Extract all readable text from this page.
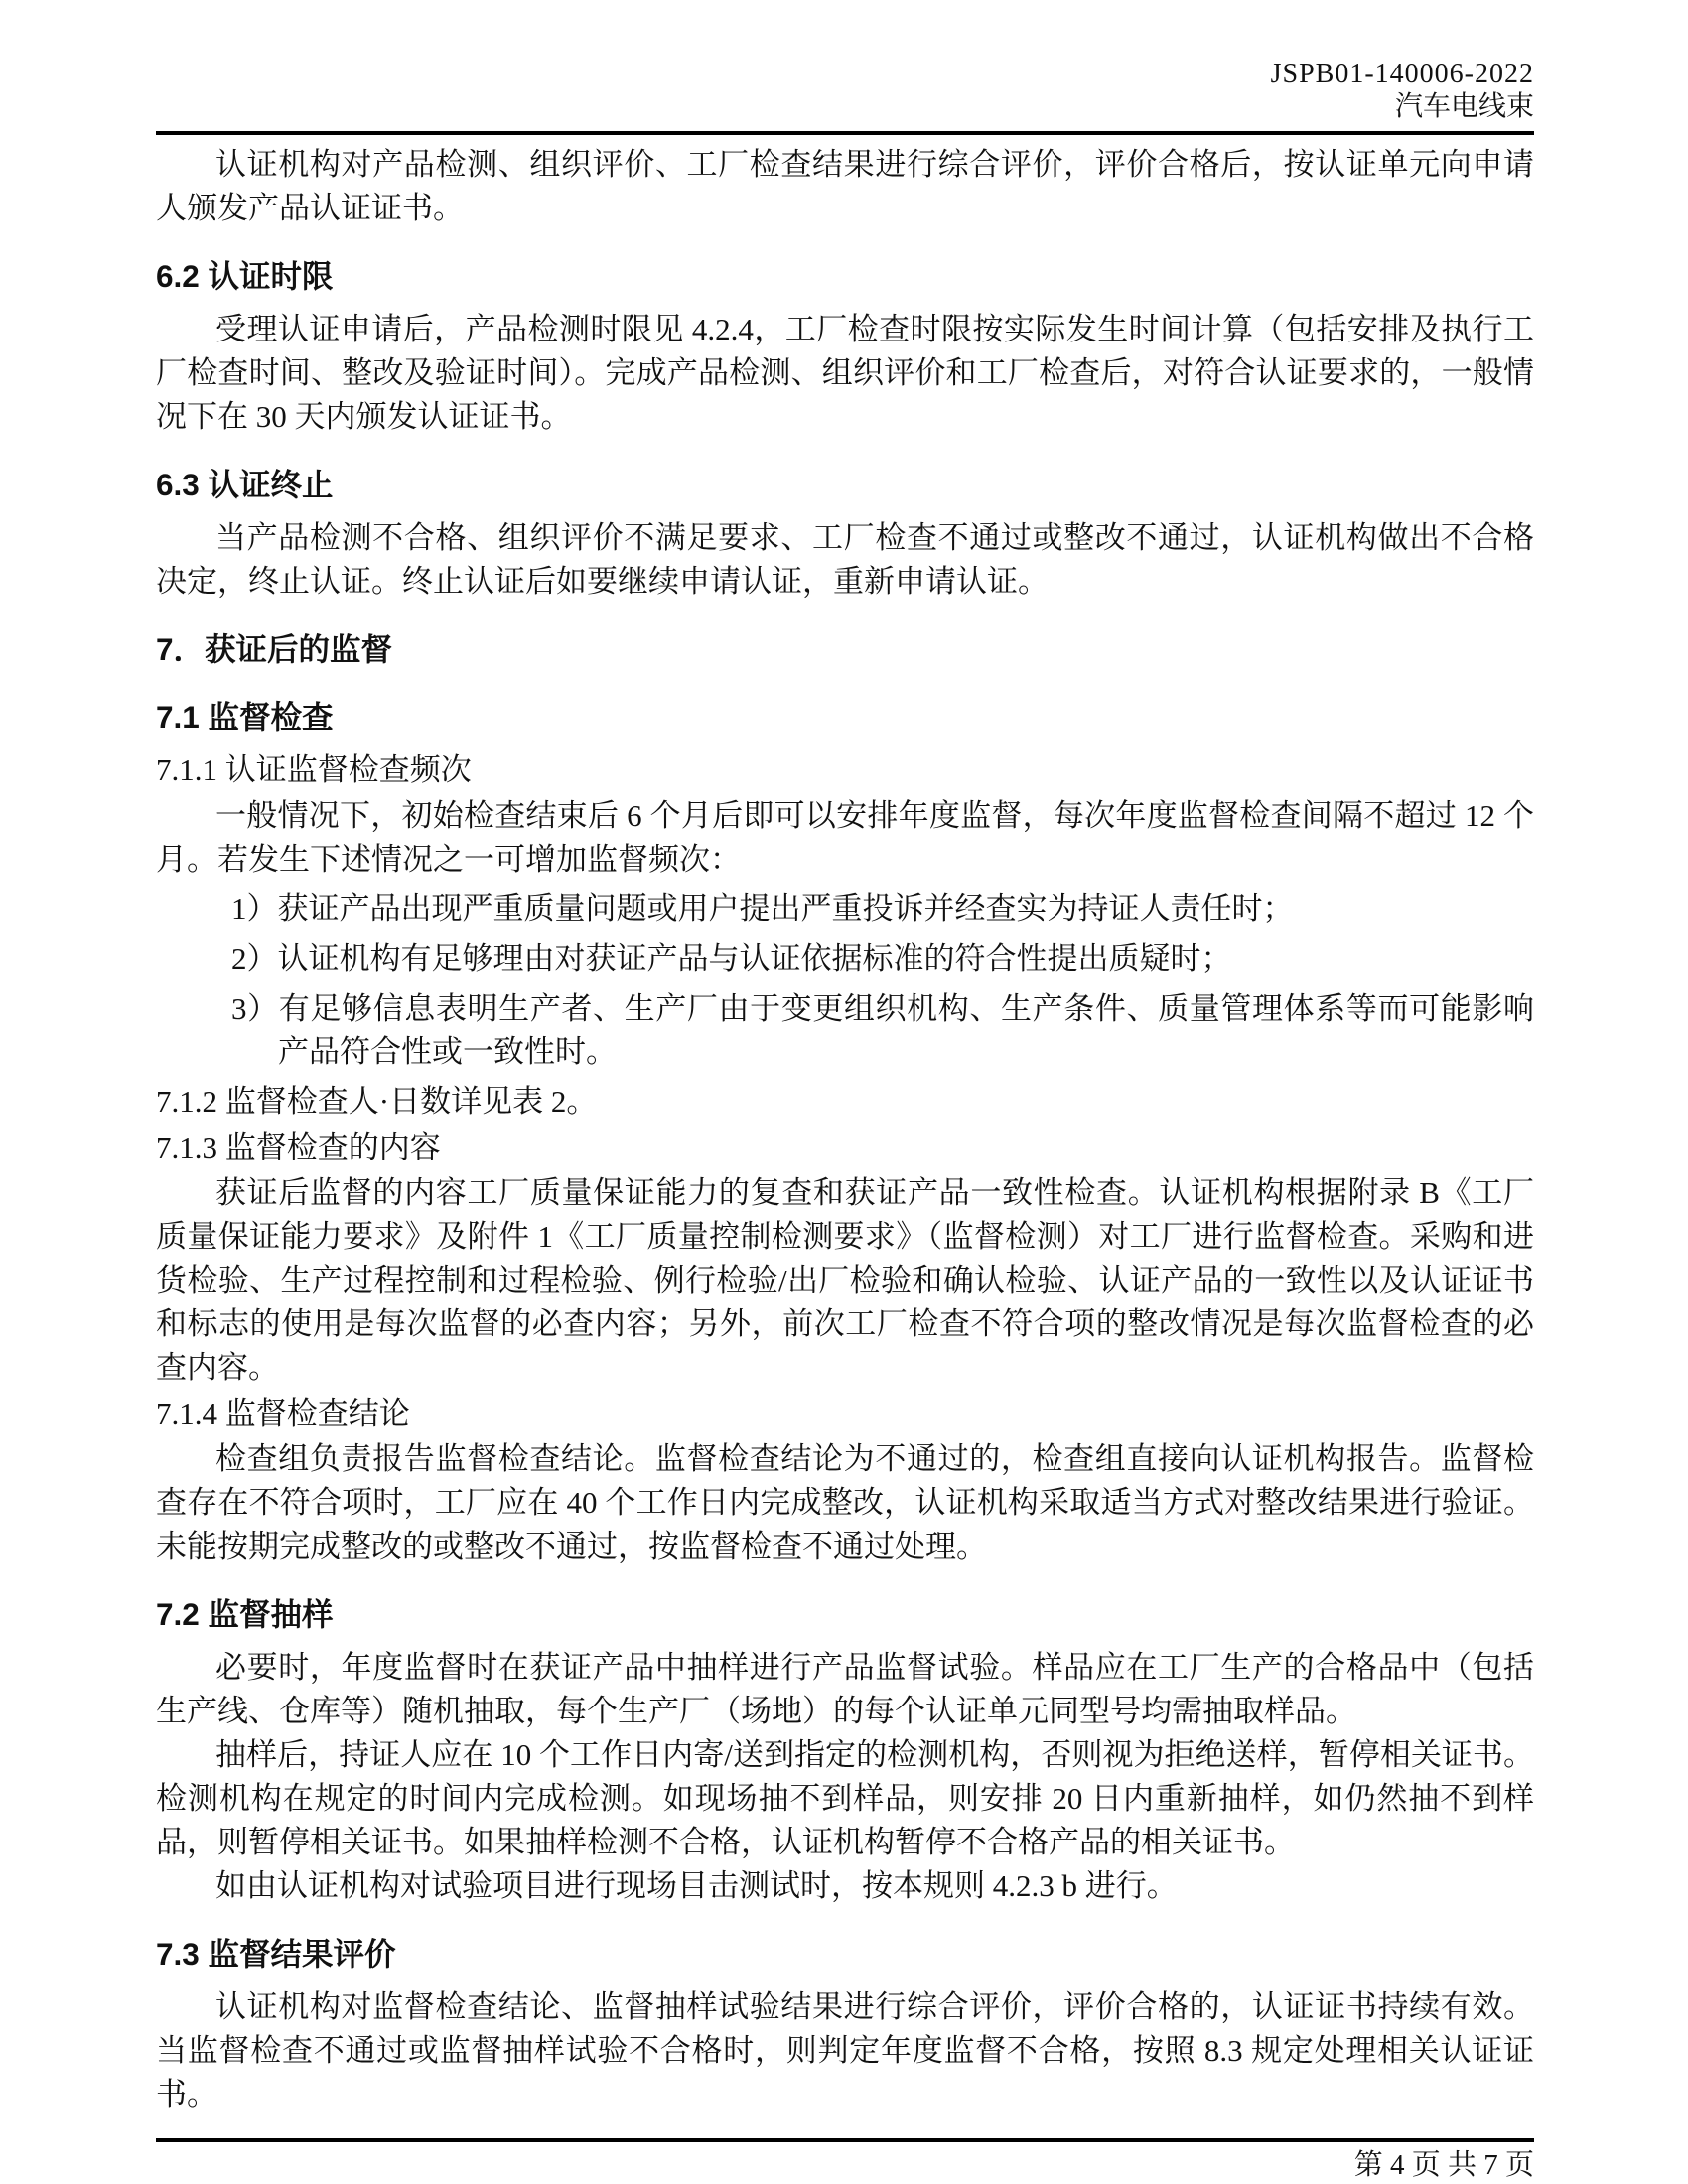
JSPB01-140006-2022
汽车电线束

认证机构对产品检测、组织评价、工厂检查结果进行综合评价，评价合格后，按认证单元向申请人颁发产品认证证书。

6.2 认证时限

受理认证申请后，产品检测时限见 4.2.4，工厂检查时限按实际发生时间计算（包括安排及执行工厂检查时间、整改及验证时间）。完成产品检测、组织评价和工厂检查后，对符合认证要求的，一般情况下在 30 天内颁发认证证书。

6.3 认证终止

当产品检测不合格、组织评价不满足要求、工厂检查不通过或整改不通过，认证机构做出不合格决定，终止认证。终止认证后如要继续申请认证，重新申请认证。

7．获证后的监督
7.1 监督检查
7.1.1 认证监督检查频次

一般情况下，初始检查结束后 6 个月后即可以安排年度监督，每次年度监督检查间隔不超过 12 个月。若发生下述情况之一可增加监督频次：

1）获证产品出现严重质量问题或用户提出严重投诉并经查实为持证人责任时；

2）认证机构有足够理由对获证产品与认证依据标准的符合性提出质疑时；

3）有足够信息表明生产者、生产厂由于变更组织机构、生产条件、质量管理体系等而可能影响产品符合性或一致性时。

7.1.2 监督检查人·日数详见表 2。
7.1.3 监督检查的内容

获证后监督的内容工厂质量保证能力的复查和获证产品一致性检查。认证机构根据附录 B《工厂质量保证能力要求》及附件 1《工厂质量控制检测要求》（监督检测）对工厂进行监督检查。采购和进货检验、生产过程控制和过程检验、例行检验/出厂检验和确认检验、认证产品的一致性以及认证证书和标志的使用是每次监督的必查内容；另外，前次工厂检查不符合项的整改情况是每次监督检查的必查内容。

7.1.4 监督检查结论

检查组负责报告监督检查结论。监督检查结论为不通过的，检查组直接向认证机构报告。监督检查存在不符合项时，工厂应在 40 个工作日内完成整改，认证机构采取适当方式对整改结果进行验证。未能按期完成整改的或整改不通过，按监督检查不通过处理。

7.2 监督抽样

必要时，年度监督时在获证产品中抽样进行产品监督试验。样品应在工厂生产的合格品中（包括生产线、仓库等）随机抽取，每个生产厂（场地）的每个认证单元同型号均需抽取样品。

抽样后，持证人应在 10 个工作日内寄/送到指定的检测机构，否则视为拒绝送样，暂停相关证书。检测机构在规定的时间内完成检测。如现场抽不到样品，则安排 20 日内重新抽样，如仍然抽不到样品，则暂停相关证书。如果抽样检测不合格，认证机构暂停不合格产品的相关证书。

如由认证机构对试验项目进行现场目击测试时，按本规则 4.2.3 b 进行。

7.3 监督结果评价

认证机构对监督检查结论、监督抽样试验结果进行综合评价，评价合格的，认证证书持续有效。当监督检查不通过或监督抽样试验不合格时，则判定年度监督不合格，按照 8.3 规定处理相关认证证书。

第 4 页 共 7 页
